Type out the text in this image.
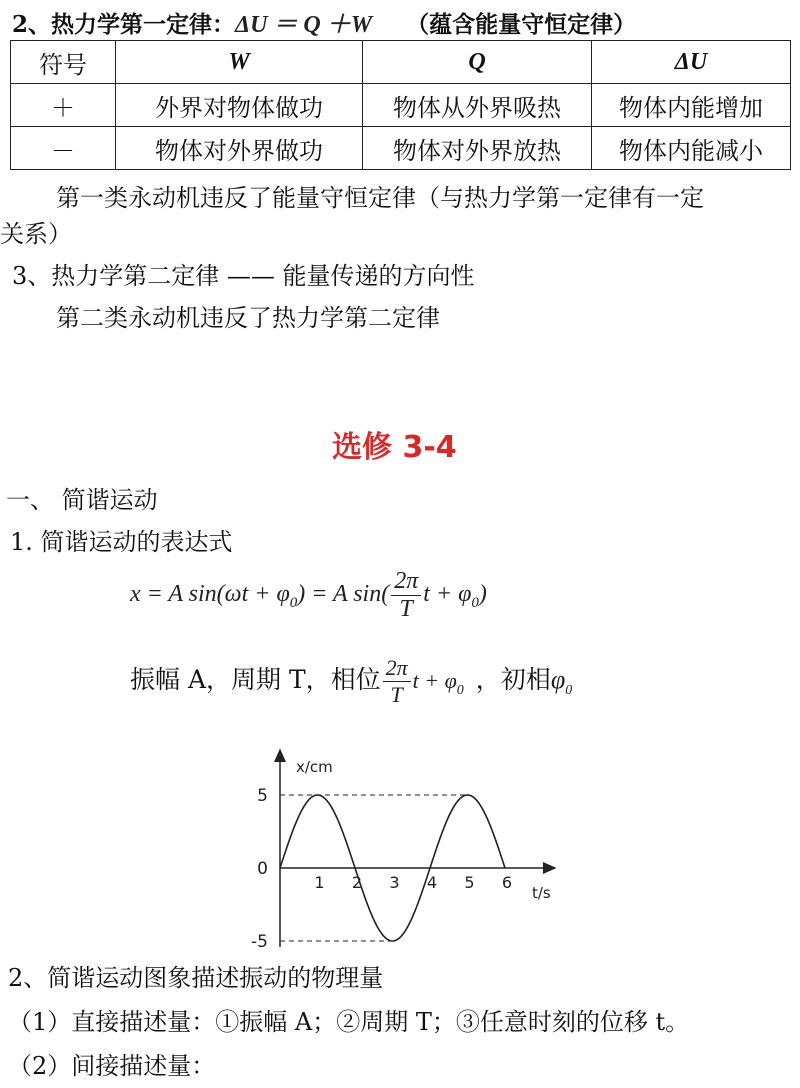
2、热力学第一定律：ΔU ＝ Q ＋W （蕴含能量守恒定律）
符号	W	Q	ΔU
＋	外界对物体做功	物体从外界吸热	物体内能增加
－	物体对外界做功	物体对外界放热	物体内能减小
第一类永动机违反了能量守恒定律（与热力学第一定律有一定
关系）
3、热力学第二定律 —— 能量传递的方向性
第二类永动机违反了热力学第二定律
选修 3-4
一、 简谐运动
1. 简谐运动的表达式
x = A $\sin(\omega t + \varphi_0) = A$ $\sin( \frac{2\pi}{T}$ $t + \varphi_0$)
振幅 A，周期 T，相位 $\frac{2\pi}{T}$ $t + \varphi_0$ ，初相$\varphi_0$
1 2 3 4 5 6
5
0
-5
x/cm
t/s
2、简谐运动图象描述振动的物理量
（1）直接描述量：①振幅 A；②周期 T；③任意时刻的位移 t。
（2）间接描述量：
